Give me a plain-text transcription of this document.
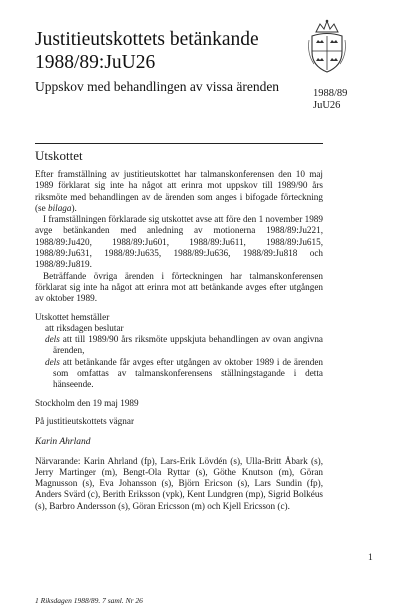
Justitieutskottets betänkande
1988/89:JuU26
Uppskov med behandlingen av vissa ärenden	1988/89
JuU26
Utskottet

Efter framställning av justitieutskottet har talmanskonferensen den 10 maj 1989 förklarat sig inte ha något att erinra mot uppskov till 1989/90 års riksmöte med behandlingen av de ärenden som anges i bifogade förteckning (se bilaga).

I framställningen förklarade sig utskottet avse att före den 1 november 1989 avge betänkanden med anledning av motionerna 1988/89:Ju221, 1988/89:Ju420, 1988/89:Ju601, 1988/89:Ju611, 1988/89:Ju615, 1988/89:Ju631, 1988/89:Ju635, 1988/89:Ju636, 1988/89:Ju818 och 1988/89:Ju819.

Beträffande övriga ärenden i förteckningen har talmanskonferensen förklarat sig inte ha något att erinra mot att betänkande avges efter utgången av oktober 1989.

Utskottet hemställer

att riksdagen beslutar

dels att till 1989/90 års riksmöte uppskjuta behandlingen av ovan angivna ärenden,

dels att betänkande får avges efter utgången av oktober 1989 i de ärenden som omfattas av talmanskonferensens ställningstagande i detta hänseende.

Stockholm den 19 maj 1989

På justitieutskottets vägnar

Karin Ahrland

Närvarande: Karin Ahrland (fp), Lars-Erik Lövdén (s), Ulla-Britt Åbark (s), Jerry Martinger (m), Bengt-Ola Ryttar (s), Göthe Knutson (m), Göran Magnusson (s), Eva Johansson (s), Björn Ericson (s), Lars Sundin (fp), Anders Svärd (c), Berith Eriksson (vpk), Kent Lundgren (mp), Sigrid Bolkéus (s), Barbro Andersson (s), Göran Ericsson (m) och Kjell Ericsson (c).

1
1 Riksdagen 1988/89. 7 saml. Nr 26
